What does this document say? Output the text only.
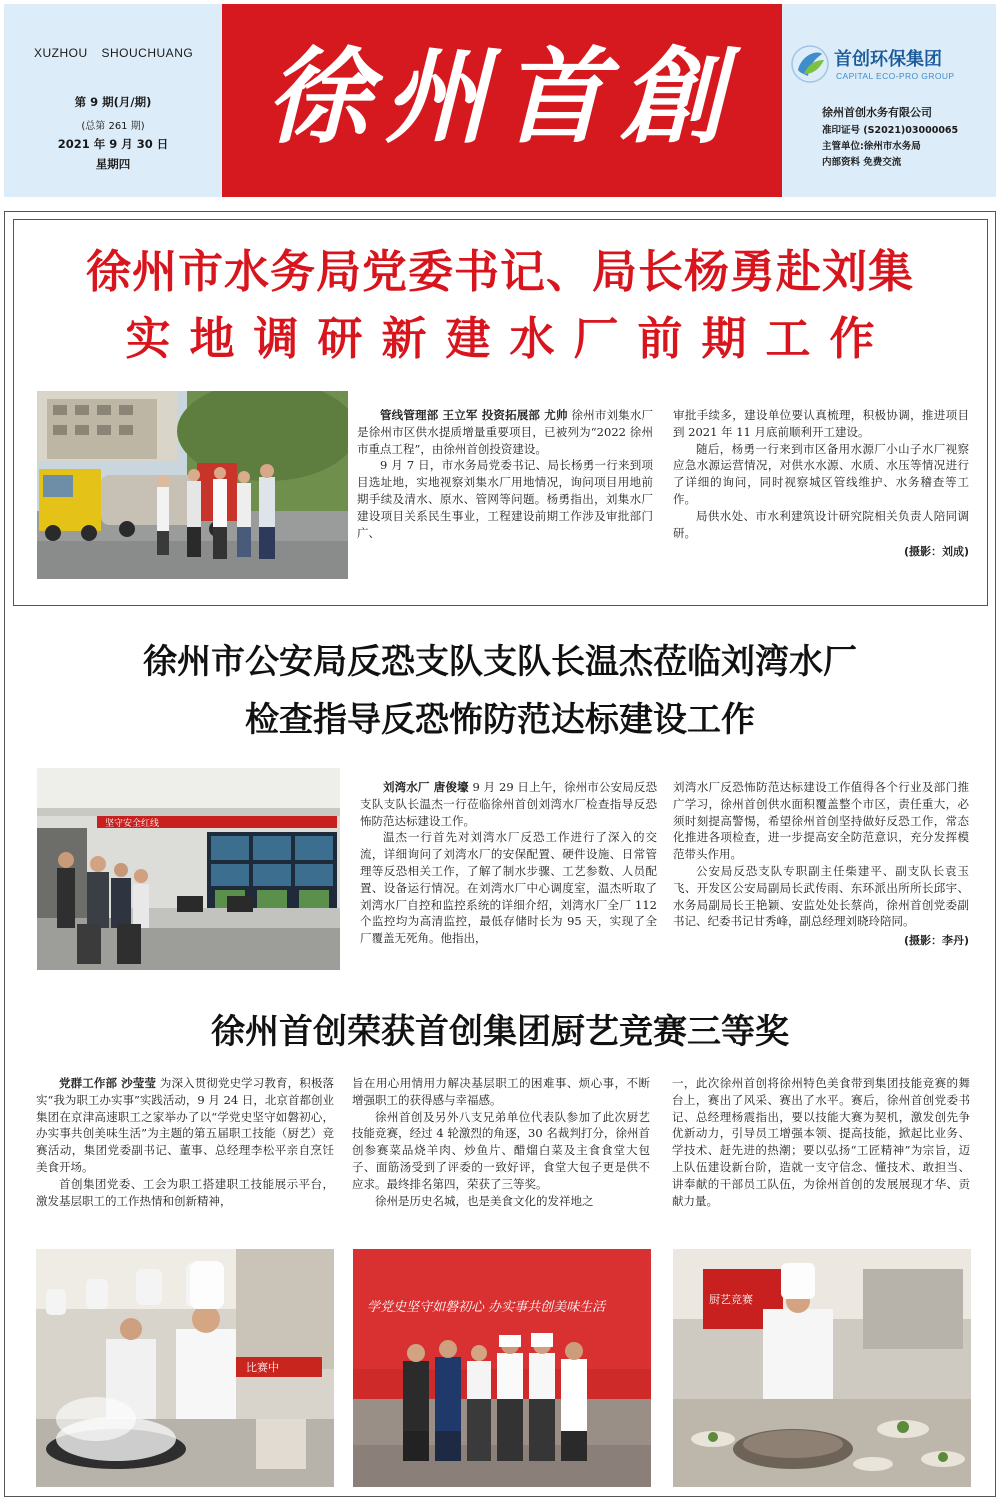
XUZHOU SHOUCHUANG
第 9 期(月/期)
(总第 261 期)
2021 年 9 月 30 日
星期四
徐州首創	首创环保集团
CAPITAL ECO-PRO GROUP
徐州首创水务有限公司
准印证号 (S2021)03000065
主管单位:徐州市水务局
内部资料 免费交流
徐州市水务局党委书记、局长杨勇赴刘集
实地调研新建水厂前期工作

管线管理部 王立军 投资拓展部 尤帅 徐州市刘集水厂是徐州市区供水提质增量重要项目，已被列为“2022 徐州市重点工程”，由徐州首创投资建设。

9 月 7 日，市水务局党委书记、局长杨勇一行来到项目选址地，实地视察刘集水厂用地情况，询问项目用地前期手续及清水、原水、管网等问题。杨勇指出，刘集水厂建设项目关系民生事业，工程建设前期工作涉及审批部门广、

审批手续多，建设单位要认真梳理，积极协调，推进项目到 2021 年 11 月底前顺利开工建设。

随后，杨勇一行来到市区备用水源厂小山子水厂视察应急水源运营情况，对供水水源、水质、水压等情况进行了详细的询问，同时视察城区管线维护、水务稽查等工作。

局供水处、市水利建筑设计研究院相关负责人陪同调研。

(摄影：刘成)
徐州市公安局反恐支队支队长温杰莅临刘湾水厂
检查指导反恐怖防范达标建设工作
坚守安全红线

刘湾水厂 唐俊壕 9 月 29 日上午，徐州市公安局反恐支队支队长温杰一行莅临徐州首创刘湾水厂检查指导反恐怖防范达标建设工作。

温杰一行首先对刘湾水厂反恐工作进行了深入的交流，详细询问了刘湾水厂的安保配置、硬件设施、日常管理等反恐相关工作，了解了制水步骤、工艺参数、人员配置、设备运行情况。在刘湾水厂中心调度室，温杰听取了刘湾水厂自控和监控系统的详细介绍，刘湾水厂全厂 112 个监控均为高清监控，最低存储时长为 95 天，实现了全厂覆盖无死角。他指出，

刘湾水厂反恐怖防范达标建设工作值得各个行业及部门推广学习，徐州首创供水面积覆盖整个市区，责任重大，必须时刻提高警惕，希望徐州首创坚持做好反恐工作，常态化推进各项检查，进一步提高安全防范意识，充分发挥模范带头作用。

公安局反恐支队专职副主任柴建平、副支队长袁玉飞、开发区公安局副局长武传雨、东环派出所所长邱宇、水务局副局长王艳颖、安监处处长蔡尚，徐州首创党委副书记、纪委书记甘秀峰，副总经理刘晓玲陪同。

(摄影：李丹)
徐州首创荣获首创集团厨艺竞赛三等奖

党群工作部 沙莹莹 为深入贯彻党史学习教育，积极落实“我为职工办实事”实践活动，9 月 24 日，北京首都创业集团在京津高速职工之家举办了以“学党史坚守如磐初心，办实事共创美味生活”为主题的第五届职工技能（厨艺）竞赛活动，集团党委副书记、董事、总经理李松平亲自烹饪美食开场。

首创集团党委、工会为职工搭建职工技能展示平台，激发基层职工的工作热情和创新精神，

旨在用心用情用力解决基层职工的困难事、烦心事，不断增强职工的获得感与幸福感。

徐州首创及另外八支兄弟单位代表队参加了此次厨艺技能竞赛，经过 4 轮激烈的角逐，30 名裁判打分，徐州首创参赛菜品烧羊肉、炒鱼片、醋熘白菜及主食食堂大包子、面筋汤受到了评委的一致好评，食堂大包子更是供不应求。最终排名第四，荣获了三等奖。

徐州是历史名城，也是美食文化的发祥地之

一，此次徐州首创将徐州特色美食带到集团技能竞赛的舞台上，赛出了风采、赛出了水平。赛后，徐州首创党委书记、总经理杨震指出，要以技能大赛为契机，激发创先争优新动力，引导员工增强本领、提高技能，掀起比业务、学技术、赶先进的热潮；要以弘扬“工匠精神”为宗旨，迈上队伍建设新台阶，造就一支守信念、懂技术、敢担当、讲奉献的干部员工队伍，为徐州首创的发展展现才华、贡献力量。

比赛中
学党史坚守如磐初心 办实事共创美味生活
厨艺竞赛
